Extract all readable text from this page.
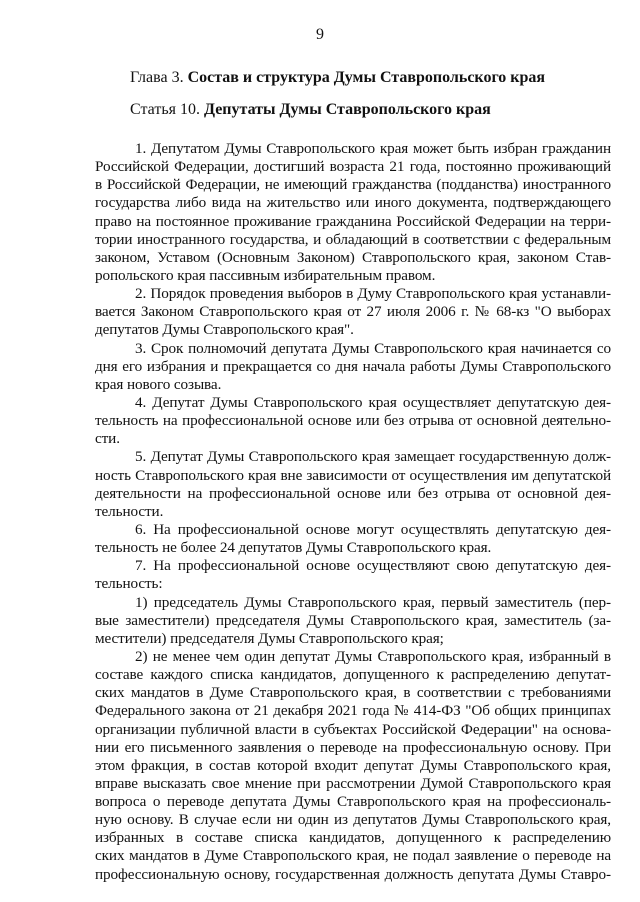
9
Глава 3. Состав и структура Думы Ставропольского края
Статья 10. Депутаты Думы Ставропольского края
1. Депутатом Думы Ставропольского края может быть избран гражданин
Российской Федерации, достигший возраста 21 года, постоянно проживающий
в Российской Федерации, не имеющий гражданства (подданства) иностранного
государства либо вида на жительство или иного документа, подтверждающего
право на постоянное проживание гражданина Российской Федерации на терри-
тории иностранного государства, и обладающий в соответствии с федеральным
законом, Уставом (Основным Законом) Ставропольского края, законом Став-
ропольского края пассивным избирательным правом.
2. Порядок проведения выборов в Думу Ставропольского края устанавли-
вается Законом Ставропольского края от 27 июля 2006 г. № 68-кз "О выборах
депутатов Думы Ставропольского края".
3. Срок полномочий депутата Думы Ставропольского края начинается со
дня его избрания и прекращается со дня начала работы Думы Ставропольского
края нового созыва.
4. Депутат Думы Ставропольского края осуществляет депутатскую дея-
тельность на профессиональной основе или без отрыва от основной деятельно-
сти.
5. Депутат Думы Ставропольского края замещает государственную долж-
ность Ставропольского края вне зависимости от осуществления им депутатской
деятельности на профессиональной основе или без отрыва от основной дея-
тельности.
6. На профессиональной основе могут осуществлять депутатскую дея-
тельность не более 24 депутатов Думы Ставропольского края.
7. На профессиональной основе осуществляют свою депутатскую дея-
тельность:
1) председатель Думы Ставропольского края, первый заместитель (пер-
вые заместители) председателя Думы Ставропольского края, заместитель (за-
местители) председателя Думы Ставропольского края;
2) не менее чем один депутат Думы Ставропольского края, избранный в
составе каждого списка кандидатов, допущенного к распределению депутат-
ских мандатов в Думе Ставропольского края, в соответствии с требованиями
Федерального закона от 21 декабря 2021 года № 414-ФЗ "Об общих принципах
организации публичной власти в субъектах Российской Федерации" на основа-
нии его письменного заявления о переводе на профессиональную основу. При
этом фракция, в состав которой входит депутат Думы Ставропольского края,
вправе высказать свое мнение при рассмотрении Думой Ставропольского края
вопроса о переводе депутата Думы Ставропольского края на профессиональ-
ную основу. В случае если ни один из депутатов Думы Ставропольского края,
избранных в составе списка кандидатов, допущенного к распределению
ских мандатов в Думе Ставропольского края, не подал заявление о переводе на
профессиональную основу, государственная должность депутата Думы Ставро-
